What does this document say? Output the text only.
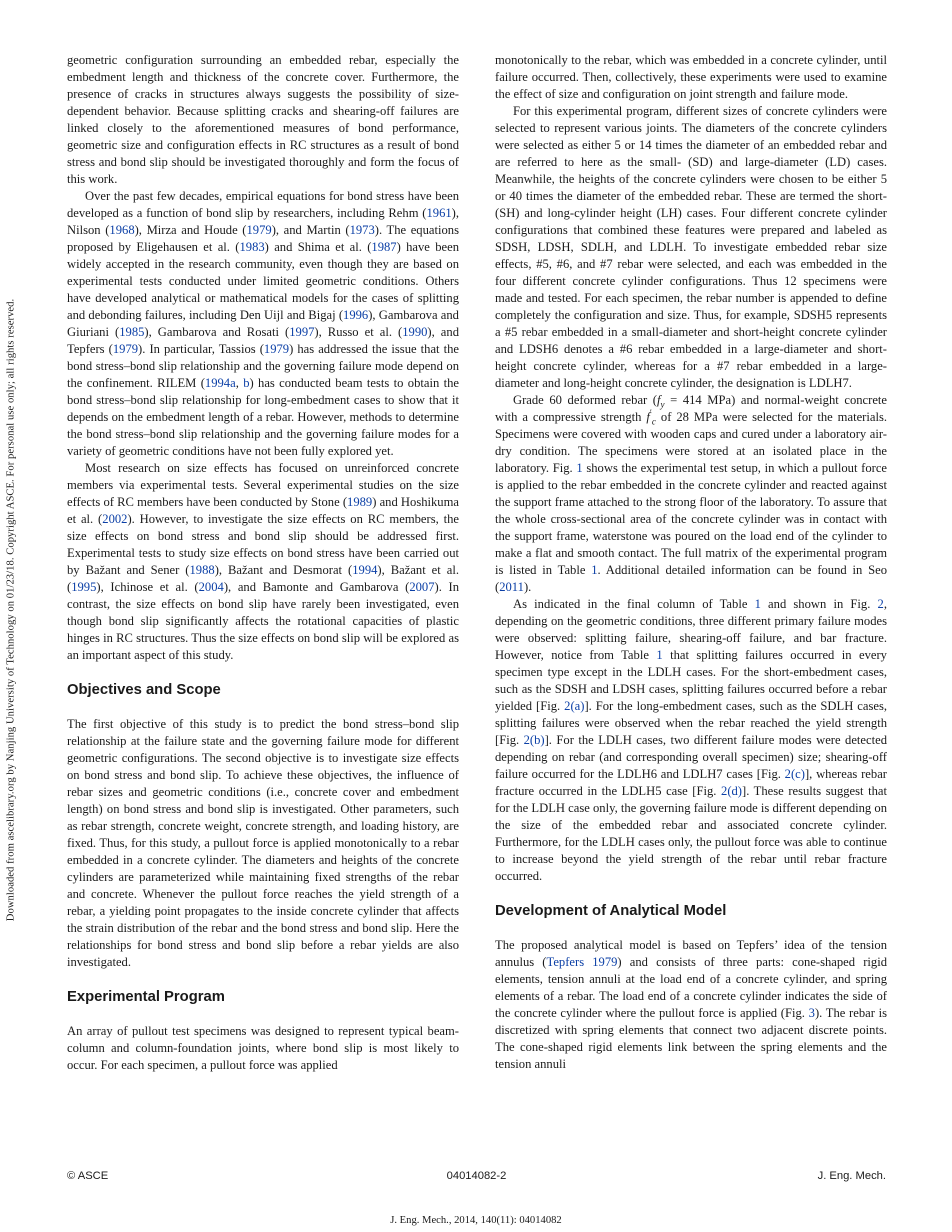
Downloaded from ascelibrary.org by Nanjing University of Technology on 01/23/18. Copyright ASCE. For personal use only; all rights reserved.

geometric configuration surrounding an embedded rebar, especially the embedment length and thickness of the concrete cover. Furthermore, the presence of cracks in structures always suggests the possibility of size-dependent behavior. Because splitting cracks and shearing-off failures are linked closely to the aforementioned measures of bond performance, geometric size and configuration effects in RC structures as a result of bond stress and bond slip should be investigated thoroughly and form the focus of this work.

Over the past few decades, empirical equations for bond stress have been developed as a function of bond slip by researchers, including Rehm (1961), Nilson (1968), Mirza and Houde (1979), and Martin (1973). The equations proposed by Eligehausen et al. (1983) and Shima et al. (1987) have been widely accepted in the research community, even though they are based on experimental tests conducted under limited geometric conditions. Others have developed analytical or mathematical models for the cases of splitting and debonding failures, including Den Uijl and Bigaj (1996), Gambarova and Giuriani (1985), Gambarova and Rosati (1997), Russo et al. (1990), and Tepfers (1979). In particular, Tassios (1979) has addressed the issue that the bond stress–bond slip relationship and the governing failure mode depend on the confinement. RILEM (1994a, b) has conducted beam tests to obtain the bond stress–bond slip relationship for long-embedment cases to show that it depends on the embedment length of a rebar. However, methods to determine the bond stress–bond slip relationship and the governing failure modes for a variety of geometric conditions have not been fully explored yet.

Most research on size effects has focused on unreinforced concrete members via experimental tests. Several experimental studies on the size effects of RC members have been conducted by Stone (1989) and Hoshikuma et al. (2002). However, to investigate the size effects on RC members, the size effects on bond stress and bond slip should be addressed first. Experimental tests to study size effects on bond stress have been carried out by Bažant and Sener (1988), Bažant and Desmorat (1994), Bažant et al. (1995), Ichinose et al. (2004), and Bamonte and Gambarova (2007). In contrast, the size effects on bond slip have rarely been investigated, even though bond slip significantly affects the rotational capacities of plastic hinges in RC structures. Thus the size effects on bond slip will be explored as an important aspect of this study.

Objectives and Scope

The first objective of this study is to predict the bond stress–bond slip relationship at the failure state and the governing failure mode for different geometric configurations. The second objective is to investigate size effects on bond stress and bond slip. To achieve these objectives, the influence of rebar sizes and geometric conditions (i.e., concrete cover and embedment length) on bond stress and bond slip is investigated. Other parameters, such as rebar strength, concrete weight, concrete strength, and loading history, are fixed. Thus, for this study, a pullout force is applied monotonically to a rebar embedded in a concrete cylinder. The diameters and heights of the concrete cylinders are parameterized while maintaining fixed strengths of the rebar and concrete. Whenever the pullout force reaches the yield strength of a rebar, a yielding point propagates to the inside concrete cylinder that affects the strain distribution of the rebar and the bond stress and bond slip. Here the relationships for bond stress and bond slip before a rebar yields are also investigated.

Experimental Program

An array of pullout test specimens was designed to represent typical beam-column and column-foundation joints, where bond slip is most likely to occur. For each specimen, a pullout force was applied

monotonically to the rebar, which was embedded in a concrete cylinder, until failure occurred. Then, collectively, these experiments were used to examine the effect of size and configuration on joint strength and failure mode.

For this experimental program, different sizes of concrete cylinders were selected to represent various joints. The diameters of the concrete cylinders were selected as either 5 or 14 times the diameter of an embedded rebar and are referred to here as the small- (SD) and large-diameter (LD) cases. Meanwhile, the heights of the concrete cylinders were chosen to be either 5 or 40 times the diameter of the embedded rebar. These are termed the short- (SH) and long-cylinder height (LH) cases. Four different concrete cylinder configurations that combined these features were prepared and labeled as SDSH, LDSH, SDLH, and LDLH. To investigate embedded rebar size effects, #5, #6, and #7 rebar were selected, and each was embedded in the four different concrete cylinder configurations. Thus 12 specimens were made and tested. For each specimen, the rebar number is appended to define completely the configuration and size. Thus, for example, SDSH5 represents a #5 rebar embedded in a small-diameter and short-height concrete cylinder and LDSH6 denotes a #6 rebar embedded in a large-diameter and short-height concrete cylinder, whereas for a #7 rebar embedded in a large-diameter and long-height concrete cylinder, the designation is LDLH7.

Grade 60 deformed rebar ($f_y = 414$ MPa) and normal-weight concrete with a compressive strength $f'_c$ of 28 MPa were selected for the materials. Specimens were covered with wooden caps and cured under a laboratory air-dry condition. The specimens were stored at an isolated place in the laboratory. Fig. 1 shows the experimental test setup, in which a pullout force is applied to the rebar embedded in the concrete cylinder and reacted against the support frame attached to the strong floor of the laboratory. To assure that the whole cross-sectional area of the concrete cylinder was in contact with the support frame, waterstone was poured on the load end of the cylinder to make a flat and smooth contact. The full matrix of the experimental program is listed in Table 1. Additional detailed information can be found in Seo (2011).

As indicated in the final column of Table 1 and shown in Fig. 2, depending on the geometric conditions, three different primary failure modes were observed: splitting failure, shearing-off failure, and bar fracture. However, notice from Table 1 that splitting failures occurred in every specimen type except in the LDLH cases. For the short-embedment cases, such as the SDSH and LDSH cases, splitting failures occurred before a rebar yielded [Fig. 2(a)]. For the long-embedment cases, such as the SDLH cases, splitting failures were observed when the rebar reached the yield strength [Fig. 2(b)]. For the LDLH cases, two different failure modes were detected depending on rebar (and corresponding overall specimen) size; shearing-off failure occurred for the LDLH6 and LDLH7 cases [Fig. 2(c)], whereas rebar fracture occurred in the LDLH5 case [Fig. 2(d)]. These results suggest that for the LDLH case only, the governing failure mode is different depending on the size of the embedded rebar and associated concrete cylinder. Furthermore, for the LDLH cases only, the pullout force was able to continue to increase beyond the yield strength of the rebar until rebar fracture occurred.

Development of Analytical Model

The proposed analytical model is based on Tepfers’ idea of the tension annulus (Tepfers 1979) and consists of three parts: cone-shaped rigid elements, tension annuli at the load end of a concrete cylinder, and spring elements of a rebar. The load end of a concrete cylinder indicates the side of the concrete cylinder where the pullout force is applied (Fig. 3). The rebar is discretized with spring elements that connect two adjacent discrete points. The cone-shaped rigid elements link between the spring elements and the tension annuli

© ASCE	04014082-2	J. Eng. Mech.
J. Eng. Mech., 2014, 140(11): 04014082
